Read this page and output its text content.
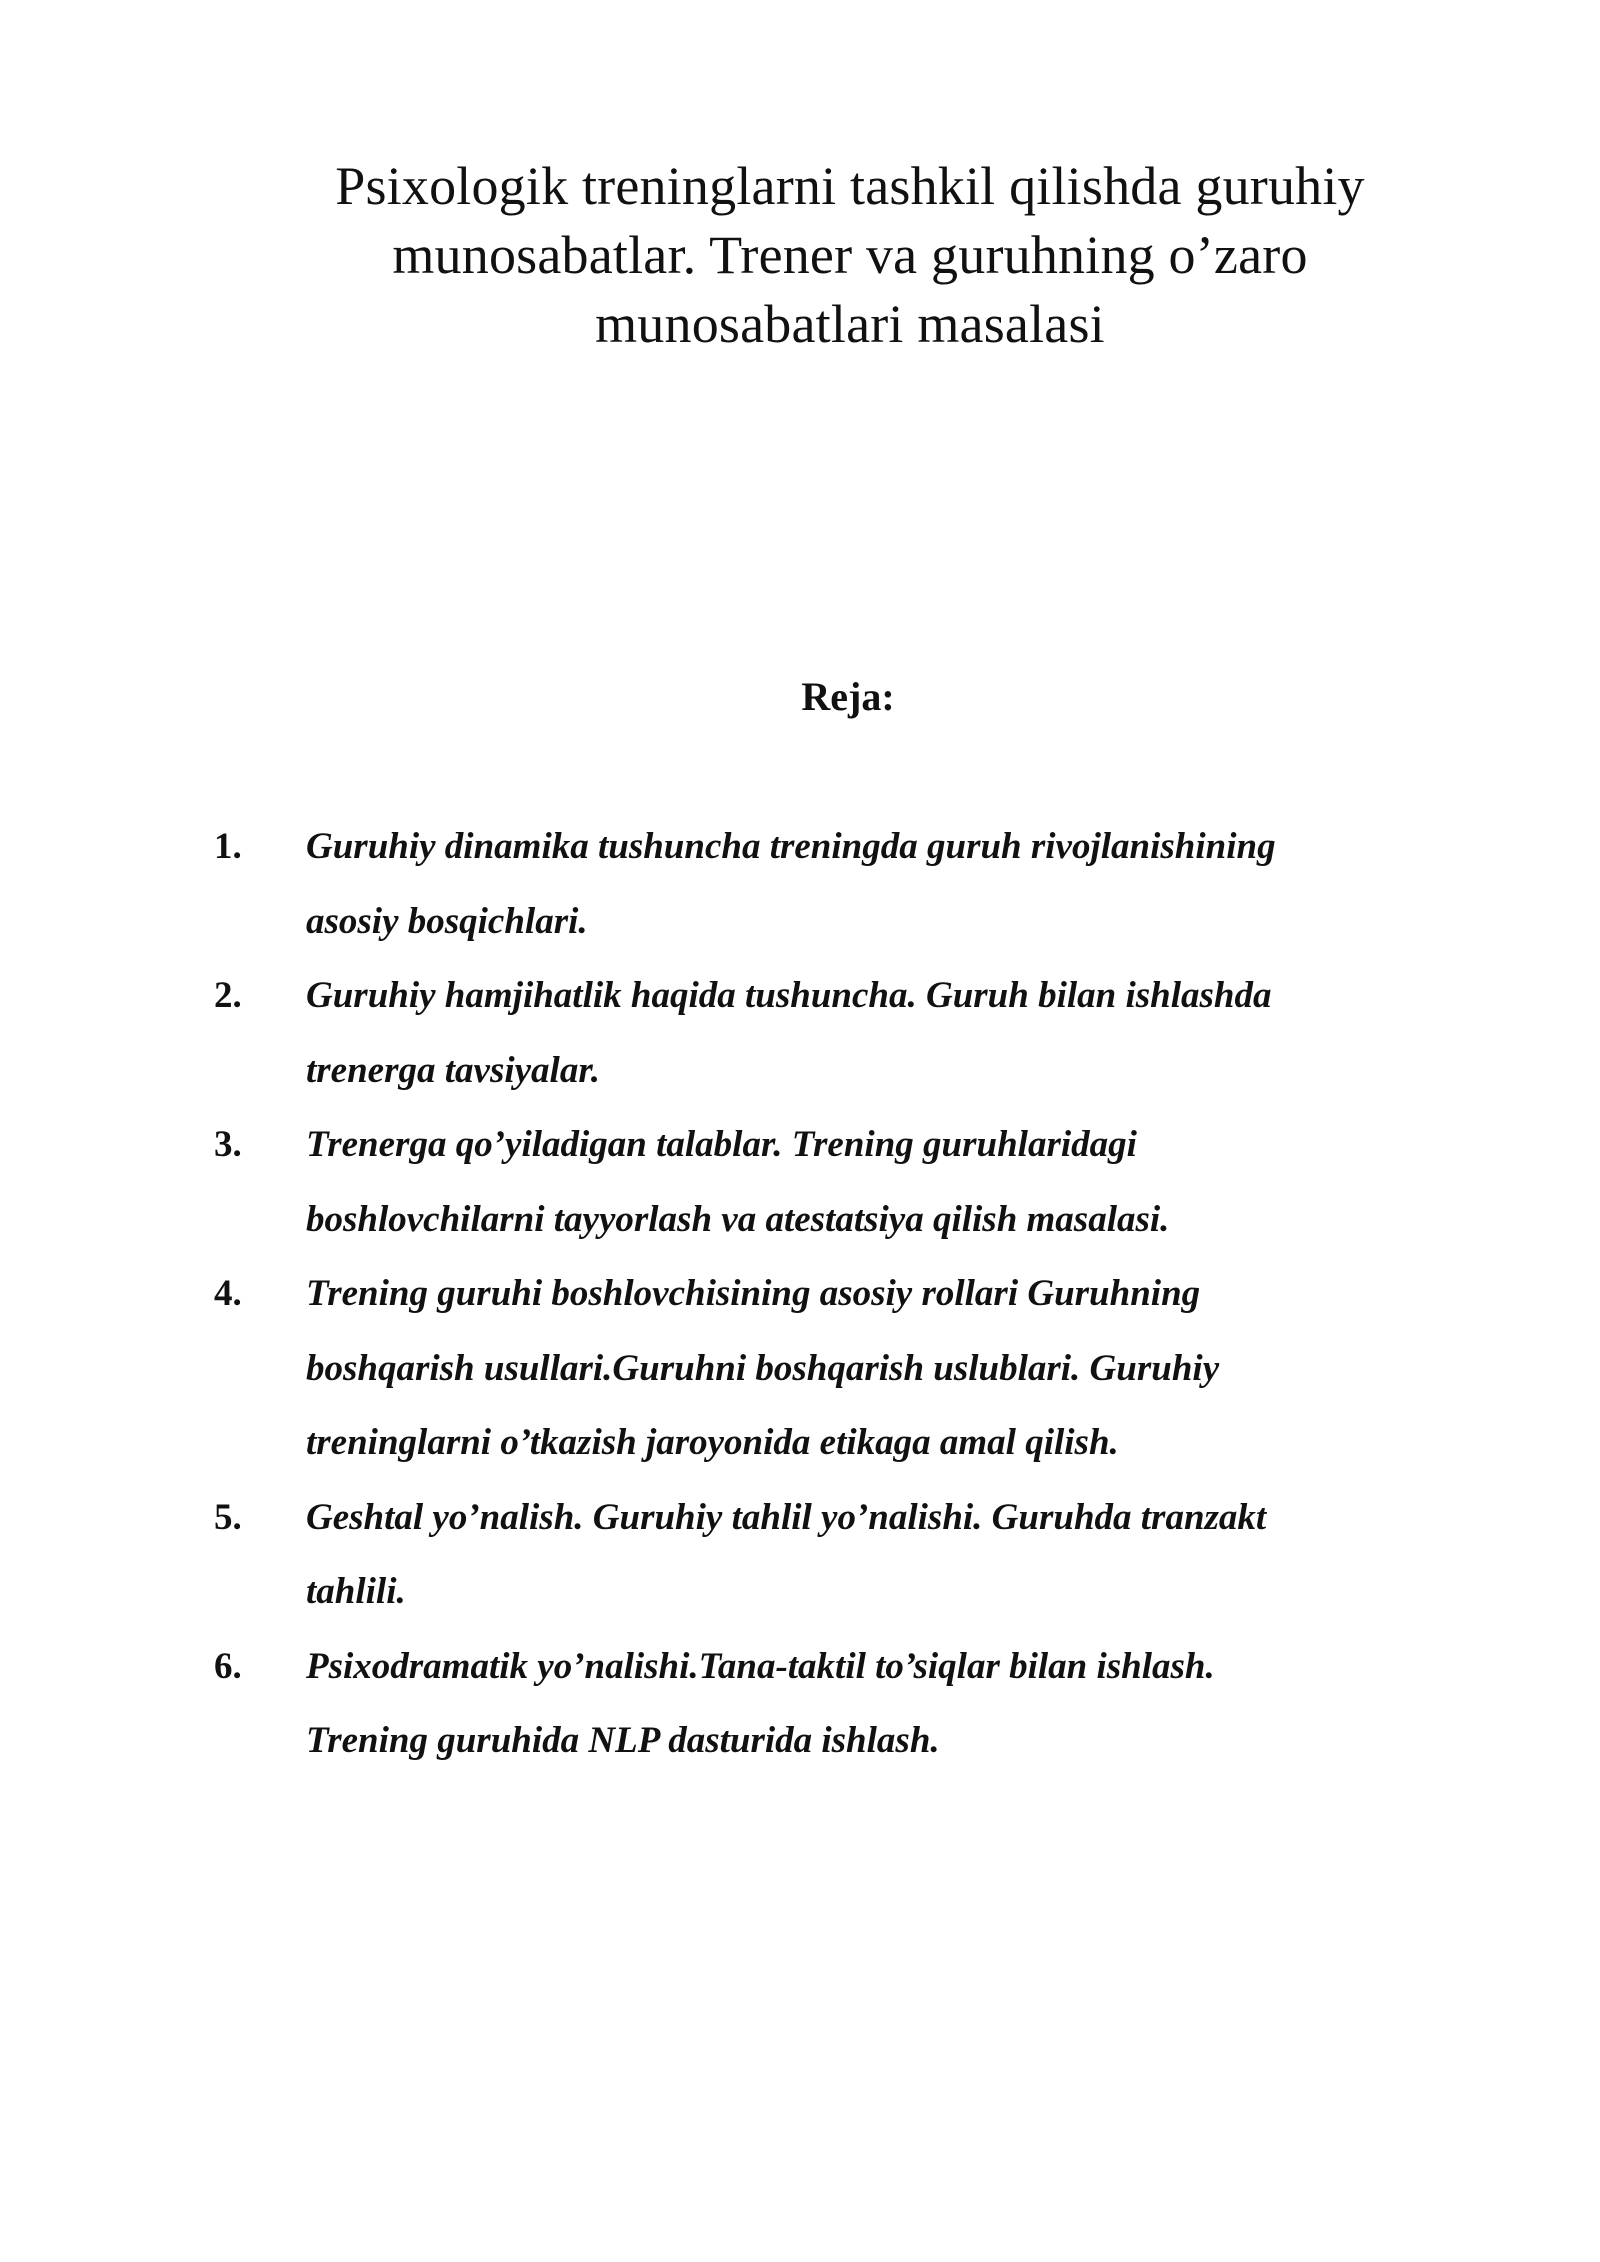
Psixologik treninglarni tashkil qilishda guruhiy
munosabatlar. Trener va guruhning o’zaro
munosabatlari masalasi
Reja:
1. Guruhiy dinamika tushuncha treningda guruh rivojlanishining
asosiy bosqichlari.
2. Guruhiy hamjihatlik haqida tushuncha. Guruh bilan ishlashda
trenerga tavsiyalar.
3. Trenerga qo’yiladigan talablar. Trening guruhlaridagi
boshlovchilarni tayyorlash va atestatsiya qilish masalasi.
4. Trening guruhi boshlovchisining asosiy rollari Guruhning
boshqarish usullari.Guruhni boshqarish uslublari. Guruhiy
treninglarni o’tkazish jaroyonida etikaga amal qilish.
5. Geshtal yo’nalish. Guruhiy tahlil yo’nalishi. Guruhda tranzakt
tahlili.
6. Psixodramatik yo’nalishi.Tana-taktil to’siqlar bilan ishlash.
Trening guruhida NLP dasturida ishlash.
